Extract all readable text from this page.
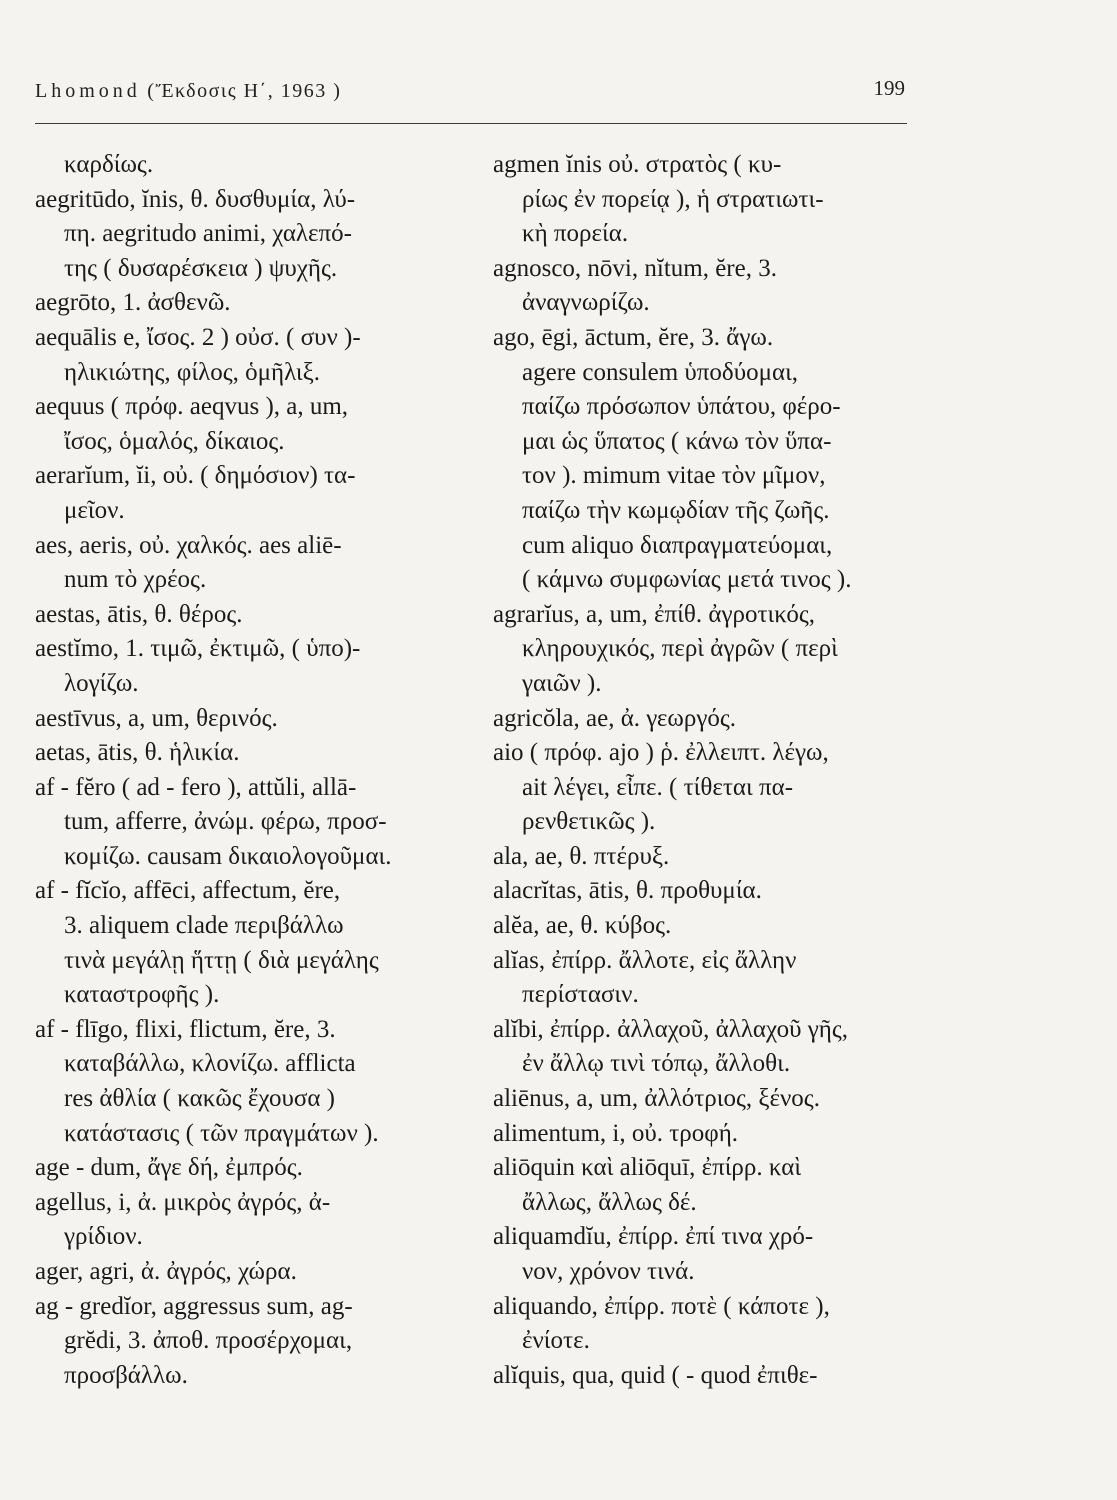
Lhomond (Ἔκδοσις Η΄, 1963 )	199
καρδίως.
aegritūdo, ĭnis, θ. δυσθυμία, λύ-
πη. aegritudo animi, χαλεπό-
της ( δυσαρέσκεια ) ψυχῆς.
aegrōto, 1. ἀσθενῶ.
aequālis e, ἴσος. 2 ) οὐσ. ( συν )-
ηλικιώτης, φίλος, ὁμῆλιξ.
aequus ( πρόφ. aeqvus ), a, um,
ἴσος, ὁμαλός, δίκαιος.
aerarĭum, ĭi, οὐ. ( δημόσιον) τα-
μεῖον.
aes, aeris, οὐ. χαλκός. aes aliē-
num τὸ χρέος.
aestas, ātis, θ. θέρος.
aestĭmo, 1. τιμῶ, ἐκτιμῶ, ( ὑπο)-
λογίζω.
aestīvus, a, um, θερινός.
aetas, ātis, θ. ἡλικία.
af - fĕro ( ad - fero ), attŭli, allā-
tum, afferre, ἀνώμ. φέρω, προσ-
κομίζω. causam δικαιολογοῦμαι.
af - fĭcĭo, affēci, affectum, ĕre,
3. aliquem clade περιβάλλω
τινὰ μεγάλῃ ἥττῃ ( διὰ μεγάλης
καταστροφῆς ).
af - flīgo, flixi, flictum, ĕre, 3.
καταβάλλω, κλονίζω. afflicta
res ἀθλία ( κακῶς ἔχουσα )
κατάστασις ( τῶν πραγμάτων ).
age - dum, ἄγε δή, ἐμπρός.
agellus, i, ἀ. μικρὸς ἀγρός, ἀ-
γρίδιον.
ager, agri, ἀ. ἀγρός, χώρα.
ag - gredĭor, aggressus sum, ag-
grĕdi, 3. ἀποθ. προσέρχομαι,
προσβάλλω.
agmen ĭnis οὐ. στρατὸς ( κυ-
ρίως ἐν πορείᾳ ), ἡ στρατιωτι-
κὴ πορεία.
agnosco, nōvi, nĭtum, ĕre, 3.
ἀναγνωρίζω.
ago, ēgi, āctum, ĕre, 3. ἄγω.
agere consulem ὑποδύομαι,
παίζω πρόσωπον ὑπάτου, φέρο-
μαι ὡς ὕπατος ( κάνω τὸν ὕπα-
τον ). mimum vitae τὸν μῖμον,
παίζω τὴν κωμῳδίαν τῆς ζωῆς.
cum aliquo διαπραγματεύομαι,
( κάμνω συμφωνίας μετά τινος ).
agrarĭus, a, um, ἐπίθ. ἀγροτικός,
κληρουχικός, περὶ ἀγρῶν ( περὶ
γαιῶν ).
agricŏla, ae, ἀ. γεωργός.
aio ( πρόφ. ajo ) ῥ. ἐλλειπτ. λέγω,
ait λέγει, εἶπε. ( τίθεται πα-
ρενθετικῶς ).
ala, ae, θ. πτέρυξ.
alacrĭtas, ātis, θ. προθυμία.
alĕa, ae, θ. κύβος.
alĭas, ἐπίρρ. ἄλλοτε, εἰς ἄλλην
περίστασιν.
alĭbi, ἐπίρρ. ἀλλαχοῦ, ἀλλαχοῦ γῆς,
ἐν ἄλλῳ τινὶ τόπῳ, ἄλλοθι.
aliēnus, a, um, ἀλλότριος, ξένος.
alimentum, i, οὐ. τροφή.
aliōquin καὶ aliōquī, ἐπίρρ. καὶ
ἄλλως, ἄλλως δέ.
aliquamdĭu, ἐπίρρ. ἐπί τινα χρό-
νον, χρόνον τινά.
aliquando, ἐπίρρ. ποτὲ ( κάποτε ),
ἐνίοτε.
alĭquis, qua, quid ( - quod ἐπιθε-
